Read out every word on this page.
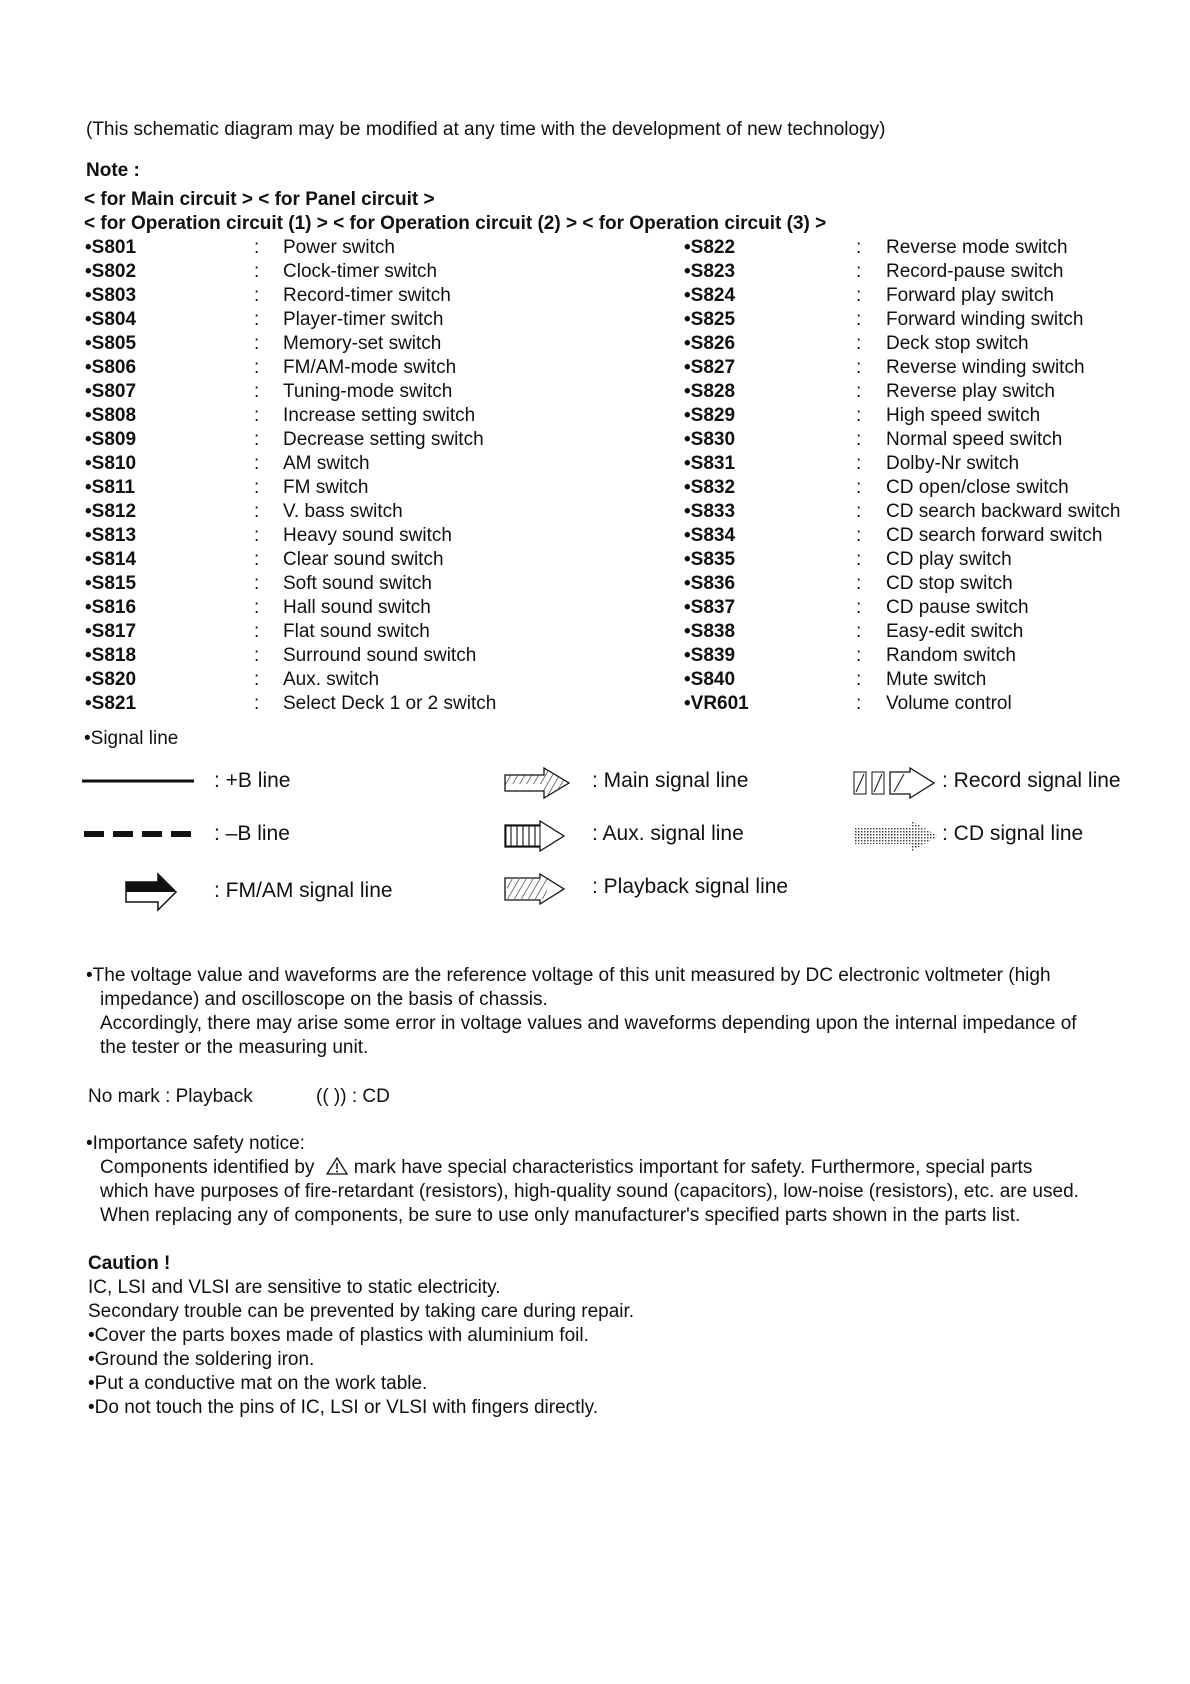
(This schematic diagram may be modified at any time with the development of new technology)
Note :
< for Main circuit > < for Panel circuit >
< for Operation circuit (1) > < for Operation circuit (2) > < for Operation circuit (3) >
•S801	: Power switch
•S802	: Clock-timer switch
•S803	: Record-timer switch
•S804	: Player-timer switch
•S805	: Memory-set switch
•S806	: FM/AM-mode switch
•S807	: Tuning-mode switch
•S808	: Increase setting switch
•S809	: Decrease setting switch
•S810	: AM switch
•S811	: FM switch
•S812	: V. bass switch
•S813	: Heavy sound switch
•S814	: Clear sound switch
•S815	: Soft sound switch
•S816	: Hall sound switch
•S817	: Flat sound switch
•S818	: Surround sound switch
•S820	: Aux. switch
•S821	: Select Deck 1 or 2 switch
•S822	: Reverse mode switch
•S823	: Record-pause switch
•S824	: Forward play switch
•S825	: Forward winding switch
•S826	: Deck stop switch
•S827	: Reverse winding switch
•S828	: Reverse play switch
•S829	: High speed switch
•S830	: Normal speed switch
•S831	: Dolby-Nr switch
•S832	: CD open/close switch
•S833	: CD search backward switch
•S834	: CD search forward switch
•S835	: CD play switch
•S836	: CD stop switch
•S837	: CD pause switch
•S838	: Easy-edit switch
•S839	: Random switch
•S840	: Mute switch
•VR601	: Volume control
•Signal line
: +B line
: –B line
: FM/AM signal line
: Main signal line
: Aux. signal line
: Playback signal line
: Record signal line
: CD signal line
•The voltage value and waveforms are the reference voltage of this unit measured by DC electronic voltmeter (high
impedance) and oscilloscope on the basis of chassis.
Accordingly, there may arise some error in voltage values and waveforms depending upon the internal impedance of
the tester or the measuring unit.
No mark : Playback	(( )) : CD
•Importance safety notice:
Components identified by mark have special characteristics important for safety. Furthermore, special parts
which have purposes of fire-retardant (resistors), high-quality sound (capacitors), low-noise (resistors), etc. are used.
When replacing any of components, be sure to use only manufacturer's specified parts shown in the parts list.
Caution !
IC, LSI and VLSI are sensitive to static electricity.
Secondary trouble can be prevented by taking care during repair.
•Cover the parts boxes made of plastics with aluminium foil.
•Ground the soldering iron.
•Put a conductive mat on the work table.
•Do not touch the pins of IC, LSI or VLSI with fingers directly.
